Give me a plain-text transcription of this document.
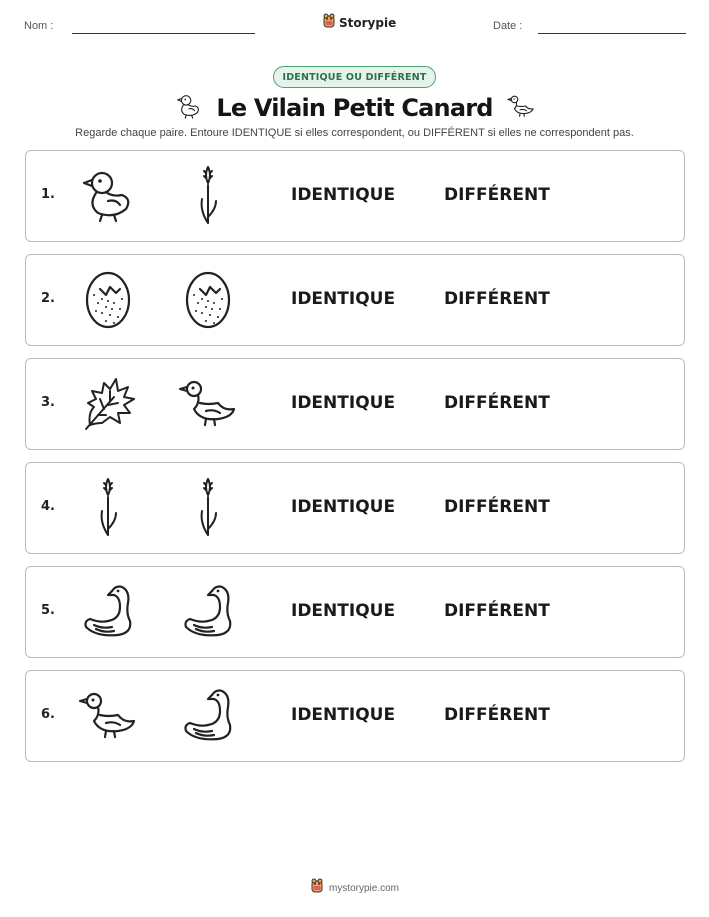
Nom :	Storypie	Date :
IDENTIQUE OU DIFFÉRENT
Le Vilain Petit Canard
Regarde chaque paire. Entoure IDENTIQUE si elles correspondent, ou DIFFÉRENT si elles ne correspondent pas.
1.	IDENTIQUE	DIFFÉRENT
2.	IDENTIQUE	DIFFÉRENT
3.	IDENTIQUE	DIFFÉRENT
4.	IDENTIQUE	DIFFÉRENT
5.	IDENTIQUE	DIFFÉRENT
6.	IDENTIQUE	DIFFÉRENT
mystorypie.com
